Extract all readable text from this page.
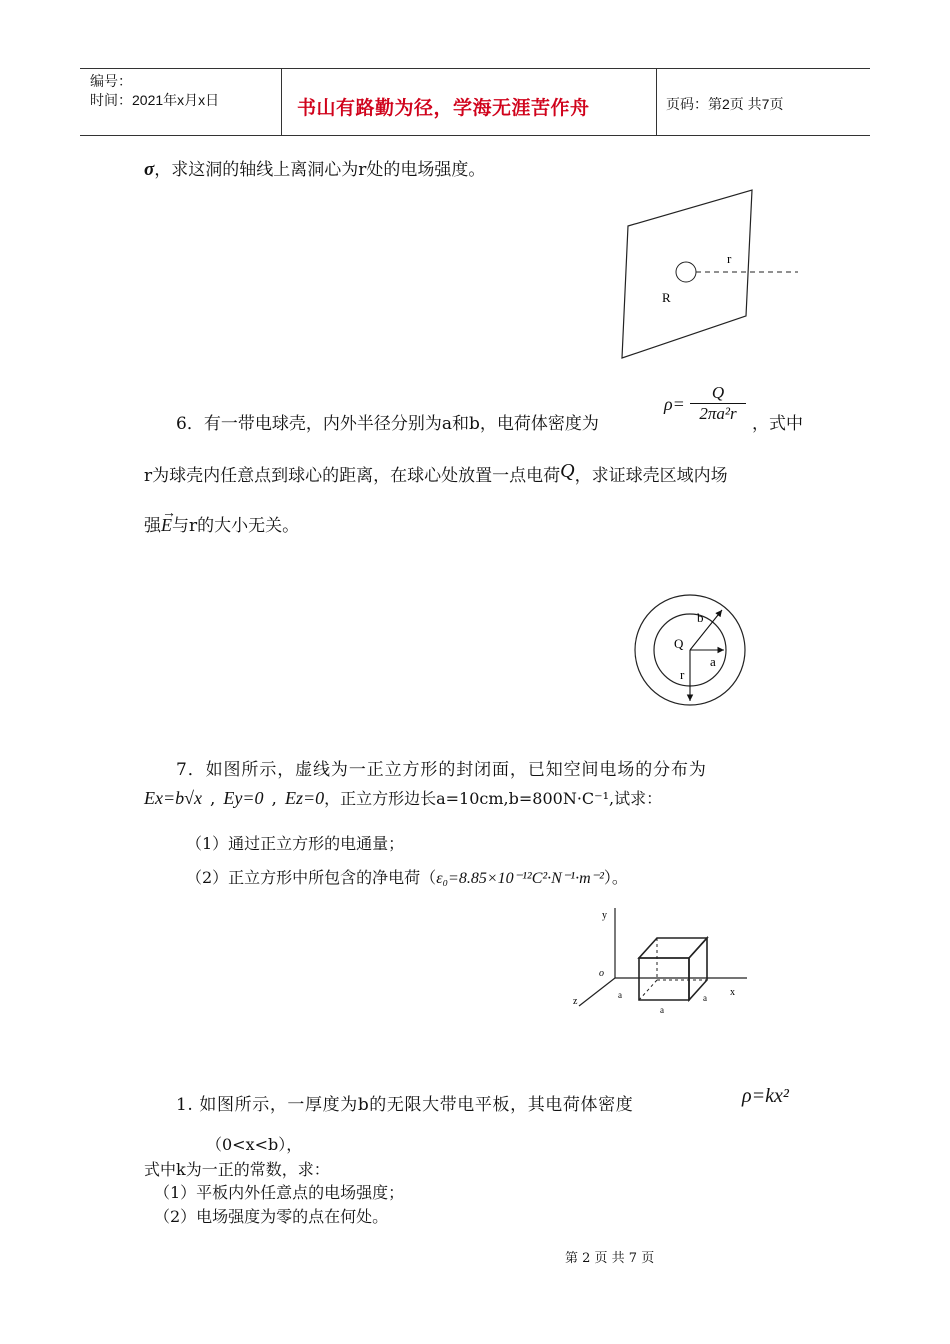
编号：
时间：2021年x月x日	书山有路勤为径，学海无涯苦作舟	页码：第2页 共7页
σ，求这洞的轴线上离洞心为r处的电场强度。
r
R
6．有一带电球壳，内外半径分别为a和b，电荷体密度为
ρ=
Q
2πa²r
，式中
r为球壳内任意点到球心的距离，在球心处放置一点电荷Q，求证球壳区域内场
强
→
E与r的大小无关。
b
Q
a
r
7．如图所示，虚线为一正立方形的封闭面，已知空间电场的分布为
Ex=b√x , Ey=0 , Ez=0，正立方形边长a=10cm,b=800N·C⁻¹,试求：
（1）通过正立方形的电通量；
（2）正立方形中所包含的净电荷（ε₀=8.85×10⁻¹²C²·N⁻¹·m⁻²）。
y
o
x
z
a
a
a
1. 如图所示，一厚度为b的无限大带电平板，其电荷体密度	ρ=kx²
（0<x<b），
式中k为一正的常数，求：
（1）平板内外任意点的电场强度；
（2）电场强度为零的点在何处。
第 2 页 共 7 页
